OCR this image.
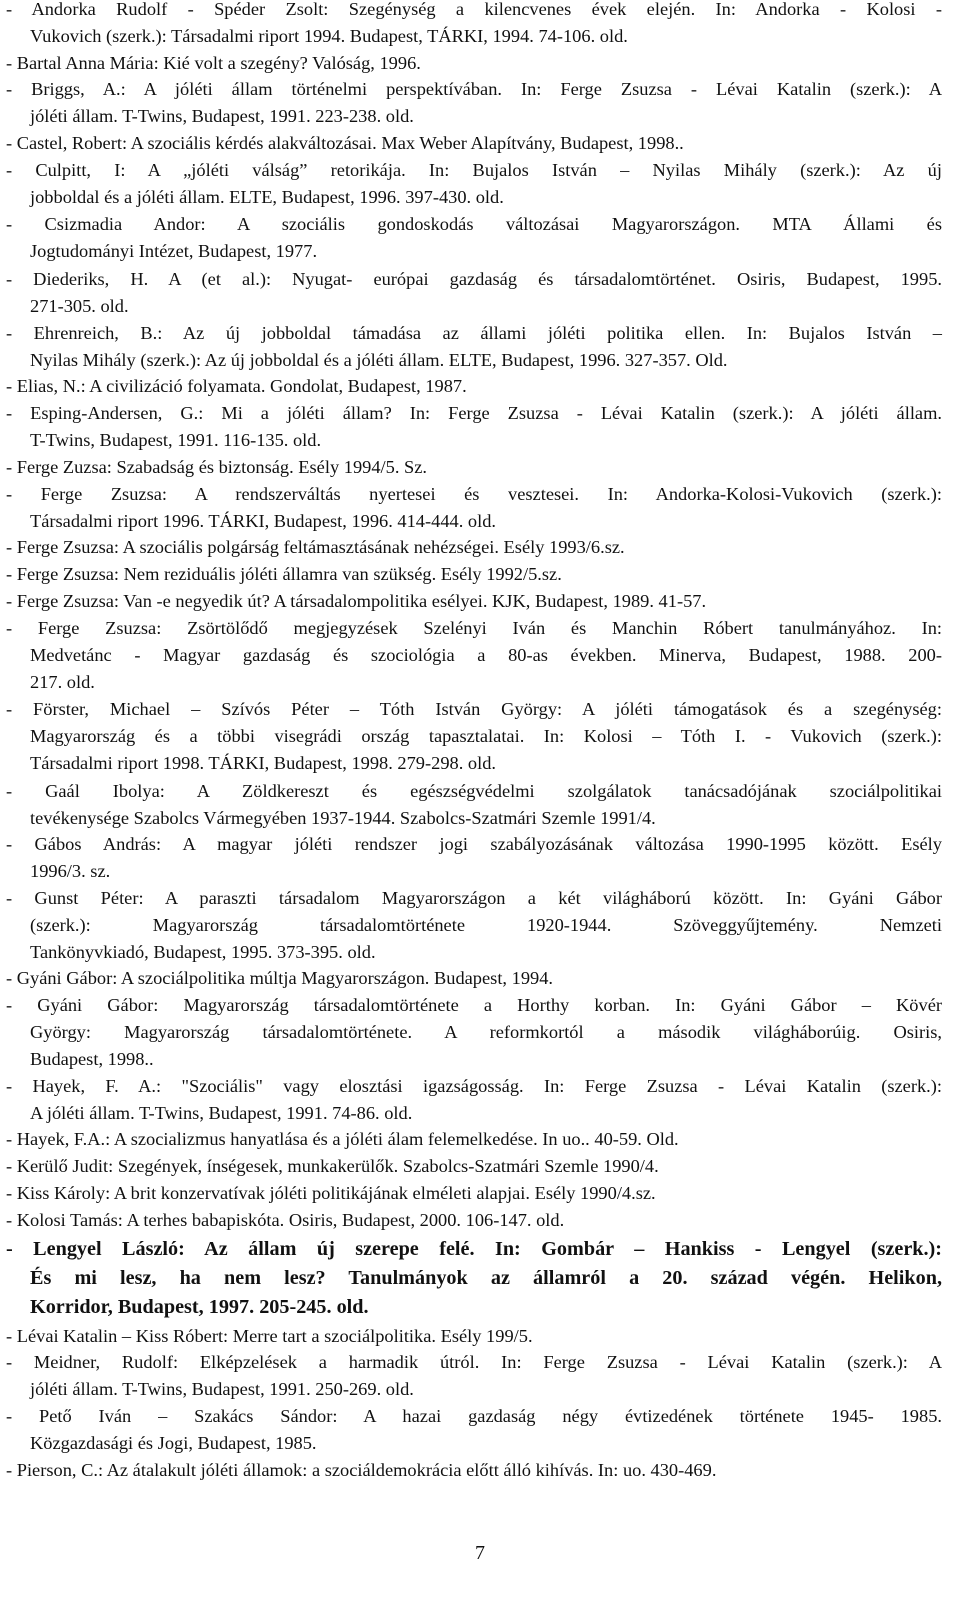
- Andorka Rudolf - Spéder Zsolt: Szegénység a kilencvenes évek elején. In: Andorka - Kolosi -
Vukovich (szerk.): Társadalmi riport 1994. Budapest, TÁRKI, 1994. 74-106. old.
- Bartal Anna Mária: Kié volt a szegény? Valóság, 1996.
- Briggs, A.: A jóléti állam történelmi perspektívában. In: Ferge Zsuzsa - Lévai Katalin (szerk.): A
jóléti állam. T-Twins, Budapest, 1991. 223-238. old.
- Castel, Robert: A szociális kérdés alakváltozásai. Max Weber Alapítvány, Budapest, 1998..
- Culpitt, I: A „jóléti válság” retorikája. In: Bujalos István – Nyilas Mihály (szerk.): Az új
jobboldal és a jóléti állam. ELTE, Budapest, 1996. 397-430. old.
- Csizmadia Andor: A szociális gondoskodás változásai Magyarországon. MTA Állami és
Jogtudományi Intézet, Budapest, 1977.
- Diederiks, H. A (et al.): Nyugat- európai gazdaság és társadalomtörténet. Osiris, Budapest, 1995.
271-305. old.
- Ehrenreich, B.: Az új jobboldal támadása az állami jóléti politika ellen. In: Bujalos István –
Nyilas Mihály (szerk.): Az új jobboldal és a jóléti állam. ELTE, Budapest, 1996. 327-357. Old.
- Elias, N.: A civilizáció folyamata. Gondolat, Budapest, 1987.
- Esping-Andersen, G.: Mi a jóléti állam? In: Ferge Zsuzsa - Lévai Katalin (szerk.): A jóléti állam.
T-Twins, Budapest, 1991. 116-135. old.
- Ferge Zuzsa: Szabadság és biztonság. Esély 1994/5. Sz.
- Ferge Zsuzsa: A rendszerváltás nyertesei és vesztesei. In: Andorka-Kolosi-Vukovich (szerk.):
Társadalmi riport 1996. TÁRKI, Budapest, 1996. 414-444. old.
- Ferge Zsuzsa: A szociális polgárság feltámasztásának nehézségei. Esély 1993/6.sz.
- Ferge Zsuzsa: Nem reziduális jóléti államra van szükség. Esély 1992/5.sz.
- Ferge Zsuzsa: Van -e negyedik út? A társadalompolitika esélyei. KJK, Budapest, 1989. 41-57.
- Ferge Zsuzsa: Zsörtölődő megjegyzések Szelényi Iván és Manchin Róbert tanulmányához. In:
Medvetánc - Magyar gazdaság és szociológia a 80-as években. Minerva, Budapest, 1988. 200-
217. old.
- Förster, Michael – Szívós Péter – Tóth István György: A jóléti támogatások és a szegénység:
Magyarország és a többi visegrádi ország tapasztalatai. In: Kolosi – Tóth I. - Vukovich (szerk.):
Társadalmi riport 1998. TÁRKI, Budapest, 1998. 279-298. old.
- Gaál Ibolya: A Zöldkereszt és egészségvédelmi szolgálatok tanácsadójának szociálpolitikai
tevékenysége Szabolcs Vármegyében 1937-1944. Szabolcs-Szatmári Szemle 1991/4.
- Gábos András: A magyar jóléti rendszer jogi szabályozásának változása 1990-1995 között. Esély
1996/3. sz.
- Gunst Péter: A paraszti társadalom Magyarországon a két világháború között. In: Gyáni Gábor
(szerk.): Magyarország társadalomtörténete 1920-1944. Szöveggyűjtemény. Nemzeti
Tankönyvkiadó, Budapest, 1995. 373-395. old.
- Gyáni Gábor: A szociálpolitika múltja Magyarországon. Budapest, 1994.
- Gyáni Gábor: Magyarország társadalomtörténete a Horthy korban. In: Gyáni Gábor – Kövér
György: Magyarország társadalomtörténete. A reformkortól a második világháborúig. Osiris,
Budapest, 1998..
- Hayek, F. A.: "Szociális" vagy elosztási igazságosság. In: Ferge Zsuzsa - Lévai Katalin (szerk.):
A jóléti állam. T-Twins, Budapest, 1991. 74-86. old.
- Hayek, F.A.: A szocializmus hanyatlása és a jóléti álam felemelkedése. In uo.. 40-59. Old.
- Kerülő Judit: Szegények, ínségesek, munkakerülők. Szabolcs-Szatmári Szemle 1990/4.
- Kiss Károly: A brit konzervatívak jóléti politikájának elméleti alapjai. Esély 1990/4.sz.
- Kolosi Tamás: A terhes babapiskóta. Osiris, Budapest, 2000. 106-147. old.
- Lengyel László: Az állam új szerepe felé. In: Gombár – Hankiss - Lengyel (szerk.):
És mi lesz, ha nem lesz? Tanulmányok az államról a 20. század végén. Helikon,
Korridor, Budapest, 1997. 205-245. old.
- Lévai Katalin – Kiss Róbert: Merre tart a szociálpolitika. Esély 199/5.
- Meidner, Rudolf: Elképzelések a harmadik útról. In: Ferge Zsuzsa - Lévai Katalin (szerk.): A
jóléti állam. T-Twins, Budapest, 1991. 250-269. old.
- Pető Iván – Szakács Sándor: A hazai gazdaság négy évtizedének története 1945- 1985.
Közgazdasági és Jogi, Budapest, 1985.
- Pierson, C.: Az átalakult jóléti államok: a szociáldemokrácia előtt álló kihívás. In: uo. 430-469.
7
